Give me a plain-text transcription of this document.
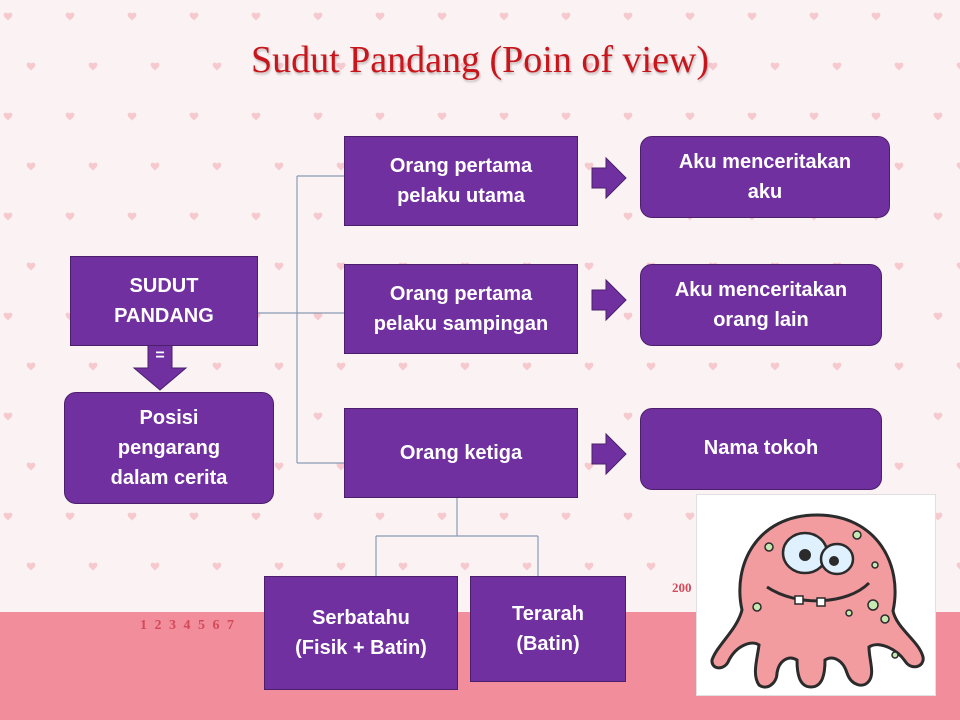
1 2 3 4 5 6 7
200
Sudut Pandang (Poin of view)
=
SUDUT
PANDANG
Posisi
pengarang
dalam cerita
Orang pertama
pelaku utama
Orang pertama
pelaku sampingan
Orang ketiga
Aku menceritakan
aku
Aku menceritakan
orang lain
Nama tokoh
Serbatahu
(Fisik + Batin)
Terarah
(Batin)
